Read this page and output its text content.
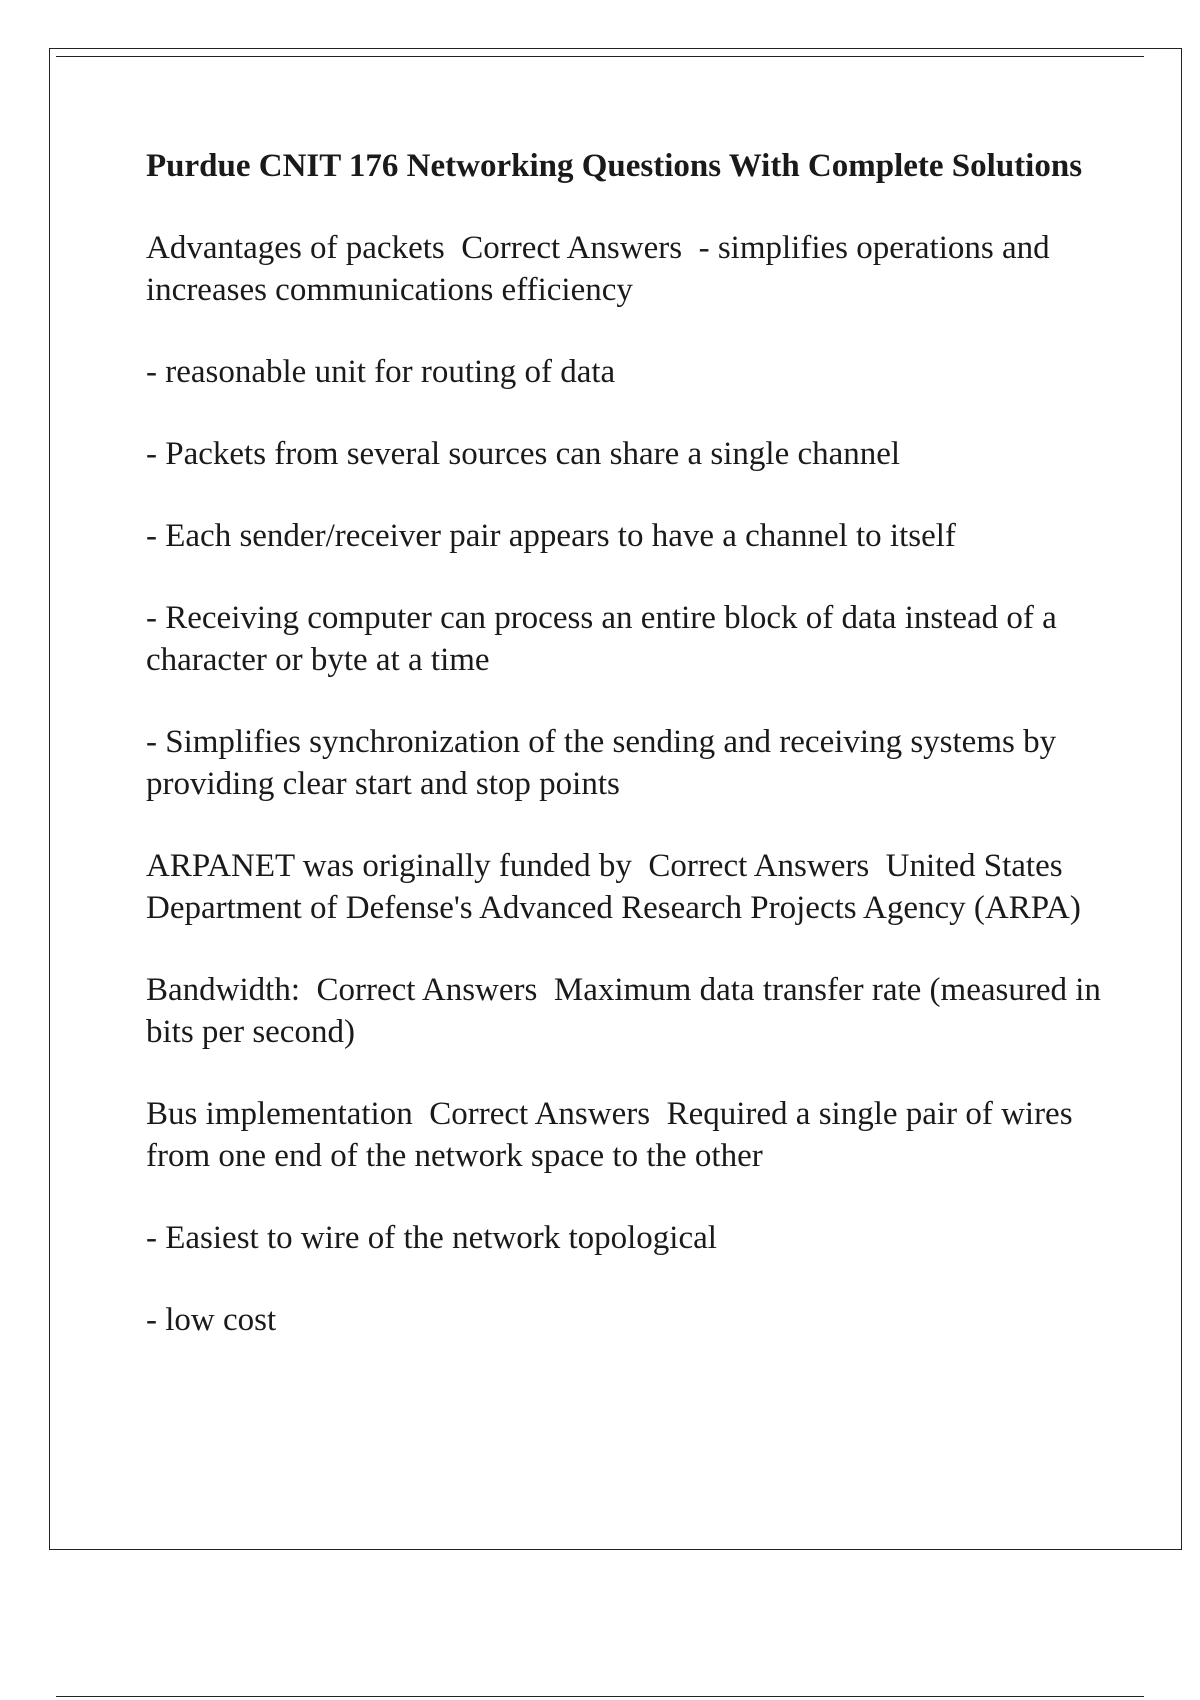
Purdue CNIT 176 Networking Questions With Complete Solutions

Advantages of packets  Correct Answers  - simplifies operations and increases communications efficiency

- reasonable unit for routing of data

- Packets from several sources can share a single channel

- Each sender/receiver pair appears to have a channel to itself

- Receiving computer can process an entire block of data instead of a character or byte at a time

- Simplifies synchronization of the sending and receiving systems by providing clear start and stop points

ARPANET was originally funded by  Correct Answers  United States Department of Defense's Advanced Research Projects Agency (ARPA)

Bandwidth:  Correct Answers  Maximum data transfer rate (measured in bits per second)

Bus implementation  Correct Answers  Required a single pair of wires from one end of the network space to the other

- Easiest to wire of the network topological

- low cost
